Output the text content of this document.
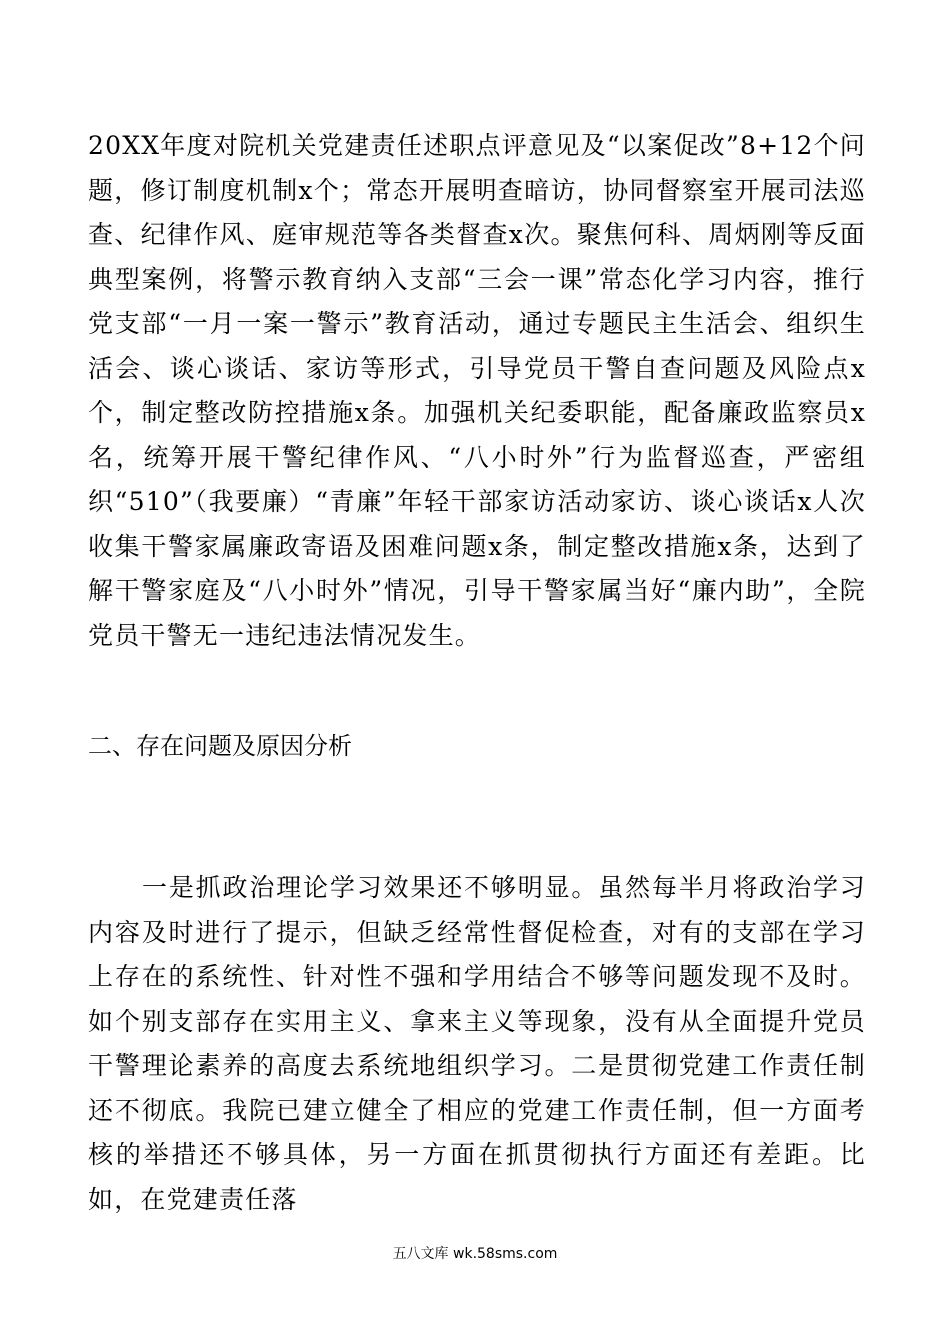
20XX年度对院机关党建责任述职点评意见及“以案促改”8+12个问题，修订制度机制x个；常态开展明查暗访，协同督察室开展司法巡查、纪律作风、庭审规范等各类督查x次。聚焦何科、周炳刚等反面典型案例，将警示教育纳入支部“三会一课”常态化学习内容，推行党支部“一月一案一警示”教育活动，通过专题民主生活会、组织生活会、谈心谈话、家访等形式，引导党员干警自查问题及风险点x个，制定整改防控措施x条。加强机关纪委职能，配备廉政监察员x名，统筹开展干警纪律作风、“八小时外”行为监督巡查，严密组织“510”（我要廉）“青廉”年轻干部家访活动家访、谈心谈话x人次收集干警家属廉政寄语及困难问题x条，制定整改措施x条，达到了解干警家庭及“八小时外”情况，引导干警家属当好“廉内助”，全院党员干警无一违纪违法情况发生。

二、存在问题及原因分析

一是抓政治理论学习效果还不够明显。虽然每半月将政治学习内容及时进行了提示，但缺乏经常性督促检查，对有的支部在学习上存在的系统性、针对性不强和学用结合不够等问题发现不及时。如个别支部存在实用主义、拿来主义等现象，没有从全面提升党员干警理论素养的高度去系统地组织学习。二是贯彻党建工作责任制还不彻底。我院已建立健全了相应的党建工作责任制，但一方面考核的举措还不够具体，另一方面在抓贯彻执行方面还有差距。比如，在党建责任落

五八文库 wk.58sms.com
